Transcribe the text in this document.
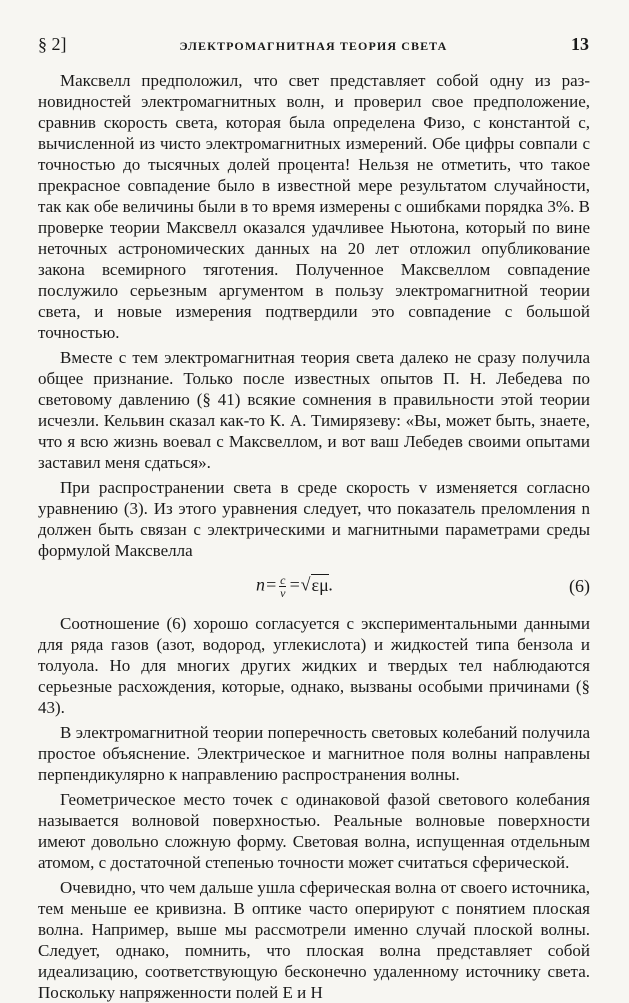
§ 2]	ЭЛЕКТРОМАГНИТНАЯ ТЕОРИЯ СВЕТА	13

Максвелл предположил, что свет представляет собой одну из разновидностей электромагнитных волн, и проверил свое предположение, сравнив скорость света, которая была определена Физо, с константой c, вычисленной из чисто электромагнитных измерений. Обе цифры совпали с точностью до тысячных долей процента! Нельзя не отметить, что такое прекрасное совпадение было в известной мере результатом случайности, так как обе величины были в то время измерены с ошибками порядка 3%. В проверке теории Максвелл оказался удачливее Ньютона, который по вине неточных астрономических данных на 20 лет отложил опубликование закона всемирного тяготения. Полученное Максвеллом совпадение послужило серьезным аргументом в пользу электромагнитной теории света, и новые измерения подтвердили это совпадение с большой точностью.

Вместе с тем электромагнитная теория света далеко не сразу получила общее признание. Только после известных опытов П. Н. Лебедева по световому давлению (§ 41) всякие сомнения в правильности этой теории исчезли. Кельвин сказал как-то К. А. Тимирязеву: «Вы, может быть, знаете, что я всю жизнь воевал с Максвеллом, и вот ваш Лебедев своими опытами заставил меня сдаться».

При распространении света в среде скорость v изменяется согласно уравнению (3). Из этого уравнения следует, что показатель преломления n должен быть связан с электрическими и магнитными параметрами среды формулой Максвелла

$n= \frac{c}{v} =√\varepsilon\mu$.	(6)

Соотношение (6) хорошо согласуется с экспериментальными данными для ряда газов (азот, водород, углекислота) и жидкостей типа бензола и толуола. Но для многих других жидких и твердых тел наблюдаются серьезные расхождения, которые, однако, вызваны особыми причинами (§ 43).

В электромагнитной теории поперечность световых колебаний получила простое объяснение. Электрическое и магнитное поля волны направлены перпендикулярно к направлению распространения волны.

Геометрическое место точек с одинаковой фазой светового колебания называется волновой поверхностью. Реальные волновые поверхности имеют довольно сложную форму. Световая волна, испущенная отдельным атомом, с достаточной степенью точности может считаться сферической.

Очевидно, что чем дальше ушла сферическая волна от своего источника, тем меньше ее кривизна. В оптике часто оперируют с понятием плоская волна. Например, выше мы рассмотрели именно случай плоской волны. Следует, однако, помнить, что плоская волна представляет собой идеализацию, соответствующую бесконечно удаленному источнику света. Поскольку напряженности полей E и H
